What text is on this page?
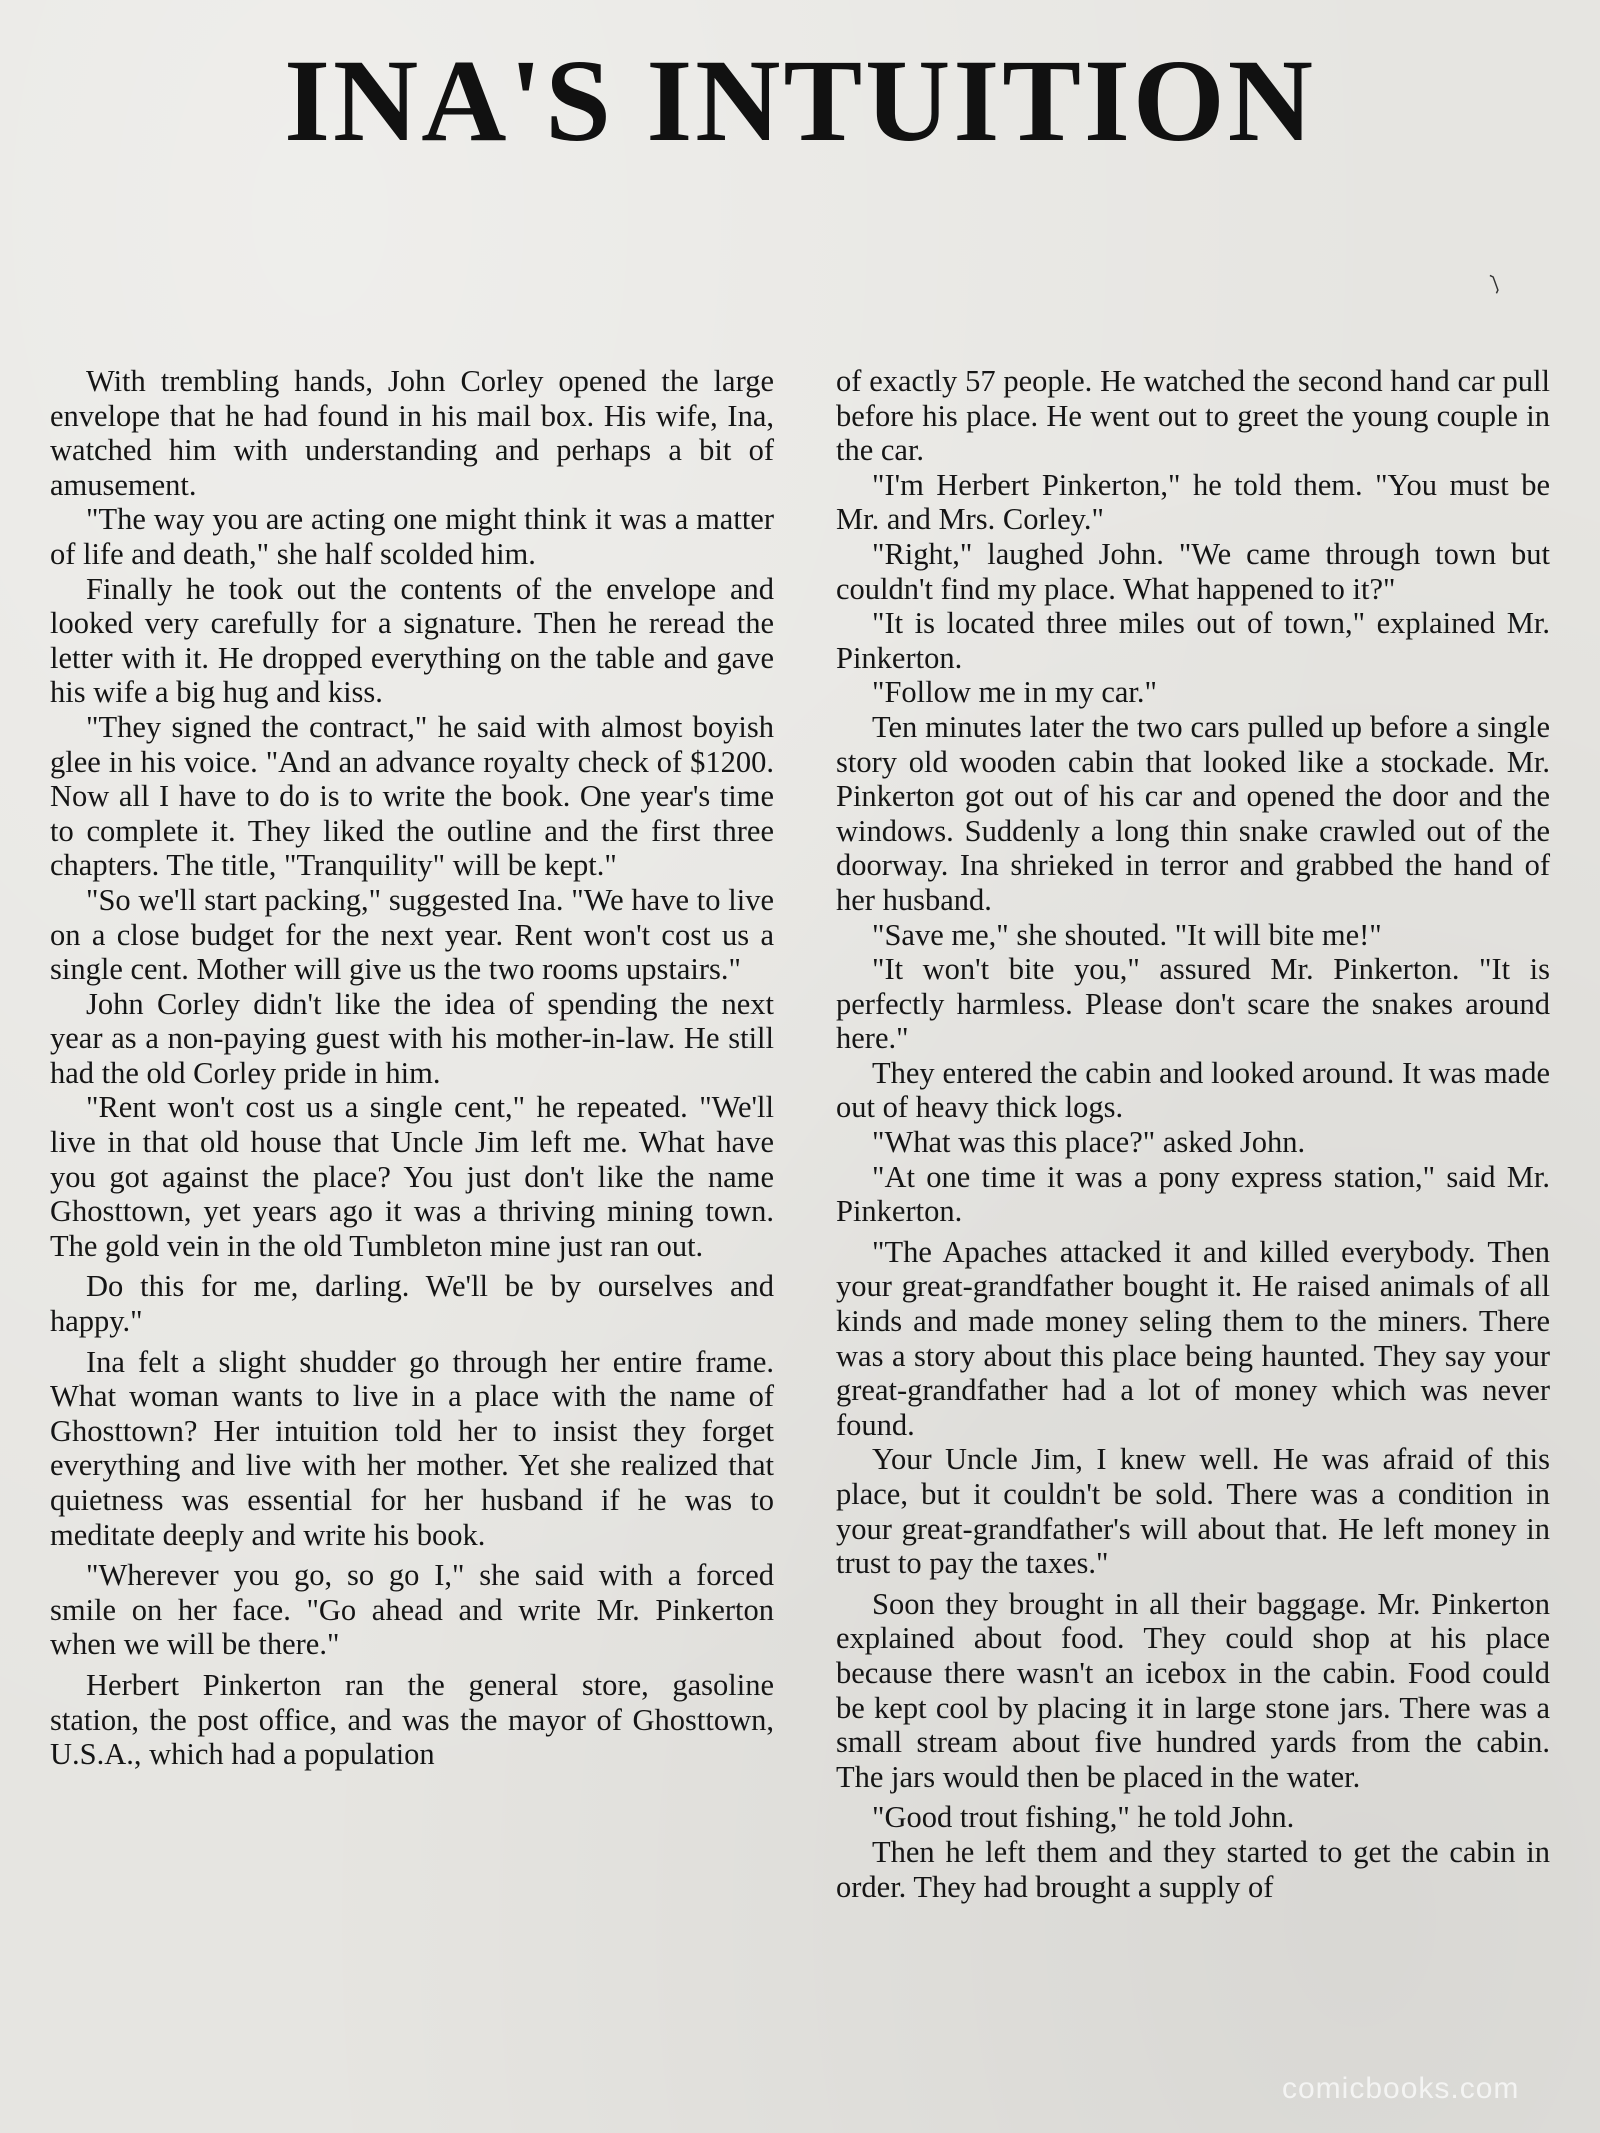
INA'S INTUITION
❳

With trembling hands, John Corley opened the large envelope that he had found in his mail box. His wife, Ina, watched him with understanding and perhaps a bit of amusement.

"The way you are acting one might think it was a matter of life and death," she half scolded him.

Finally he took out the contents of the envelope and looked very carefully for a signature. Then he reread the letter with it. He dropped everything on the table and gave his wife a big hug and kiss.

"They signed the contract," he said with almost boyish glee in his voice. "And an advance royalty check of $1200. Now all I have to do is to write the book. One year's time to complete it. They liked the outline and the first three chapters. The title, "Tranquility" will be kept."

"So we'll start packing," suggested Ina. "We have to live on a close budget for the next year. Rent won't cost us a single cent. Mother will give us the two rooms upstairs."

John Corley didn't like the idea of spending the next year as a non-paying guest with his mother-in-law. He still had the old Corley pride in him.

"Rent won't cost us a single cent," he repeated. "We'll live in that old house that Uncle Jim left me. What have you got against the place? You just don't like the name Ghosttown, yet years ago it was a thriving mining town. The gold vein in the old Tumbleton mine just ran out.

Do this for me, darling. We'll be by ourselves and happy."

Ina felt a slight shudder go through her entire frame. What woman wants to live in a place with the name of Ghosttown? Her intuition told her to insist they forget everything and live with her mother. Yet she realized that quietness was essential for her husband if he was to meditate deeply and write his book.

"Wherever you go, so go I," she said with a forced smile on her face. "Go ahead and write Mr. Pinkerton when we will be there."

Herbert Pinkerton ran the general store, gasoline station, the post office, and was the mayor of Ghosttown, U.S.A., which had a population

of exactly 57 people. He watched the second hand car pull before his place. He went out to greet the young couple in the car.

"I'm Herbert Pinkerton," he told them. "You must be Mr. and Mrs. Corley."

"Right," laughed John. "We came through town but couldn't find my place. What happened to it?"

"It is located three miles out of town," explained Mr. Pinkerton.

"Follow me in my car."

Ten minutes later the two cars pulled up before a single story old wooden cabin that looked like a stockade. Mr. Pinkerton got out of his car and opened the door and the windows. Suddenly a long thin snake crawled out of the doorway. Ina shrieked in terror and grabbed the hand of her husband.

"Save me," she shouted. "It will bite me!"

"It won't bite you," assured Mr. Pinkerton. "It is perfectly harmless. Please don't scare the snakes around here."

They entered the cabin and looked around. It was made out of heavy thick logs.

"What was this place?" asked John.

"At one time it was a pony express station," said Mr. Pinkerton.

"The Apaches attacked it and killed everybody. Then your great-grandfather bought it. He raised animals of all kinds and made money seling them to the miners. There was a story about this place being haunted. They say your great-grandfather had a lot of money which was never found.

Your Uncle Jim, I knew well. He was afraid of this place, but it couldn't be sold. There was a condition in your great-grandfather's will about that. He left money in trust to pay the taxes."

Soon they brought in all their baggage. Mr. Pinkerton explained about food. They could shop at his place because there wasn't an icebox in the cabin. Food could be kept cool by placing it in large stone jars. There was a small stream about five hundred yards from the cabin. The jars would then be placed in the water.

"Good trout fishing," he told John.

Then he left them and they started to get the cabin in order. They had brought a supply of

comicbooks.com
